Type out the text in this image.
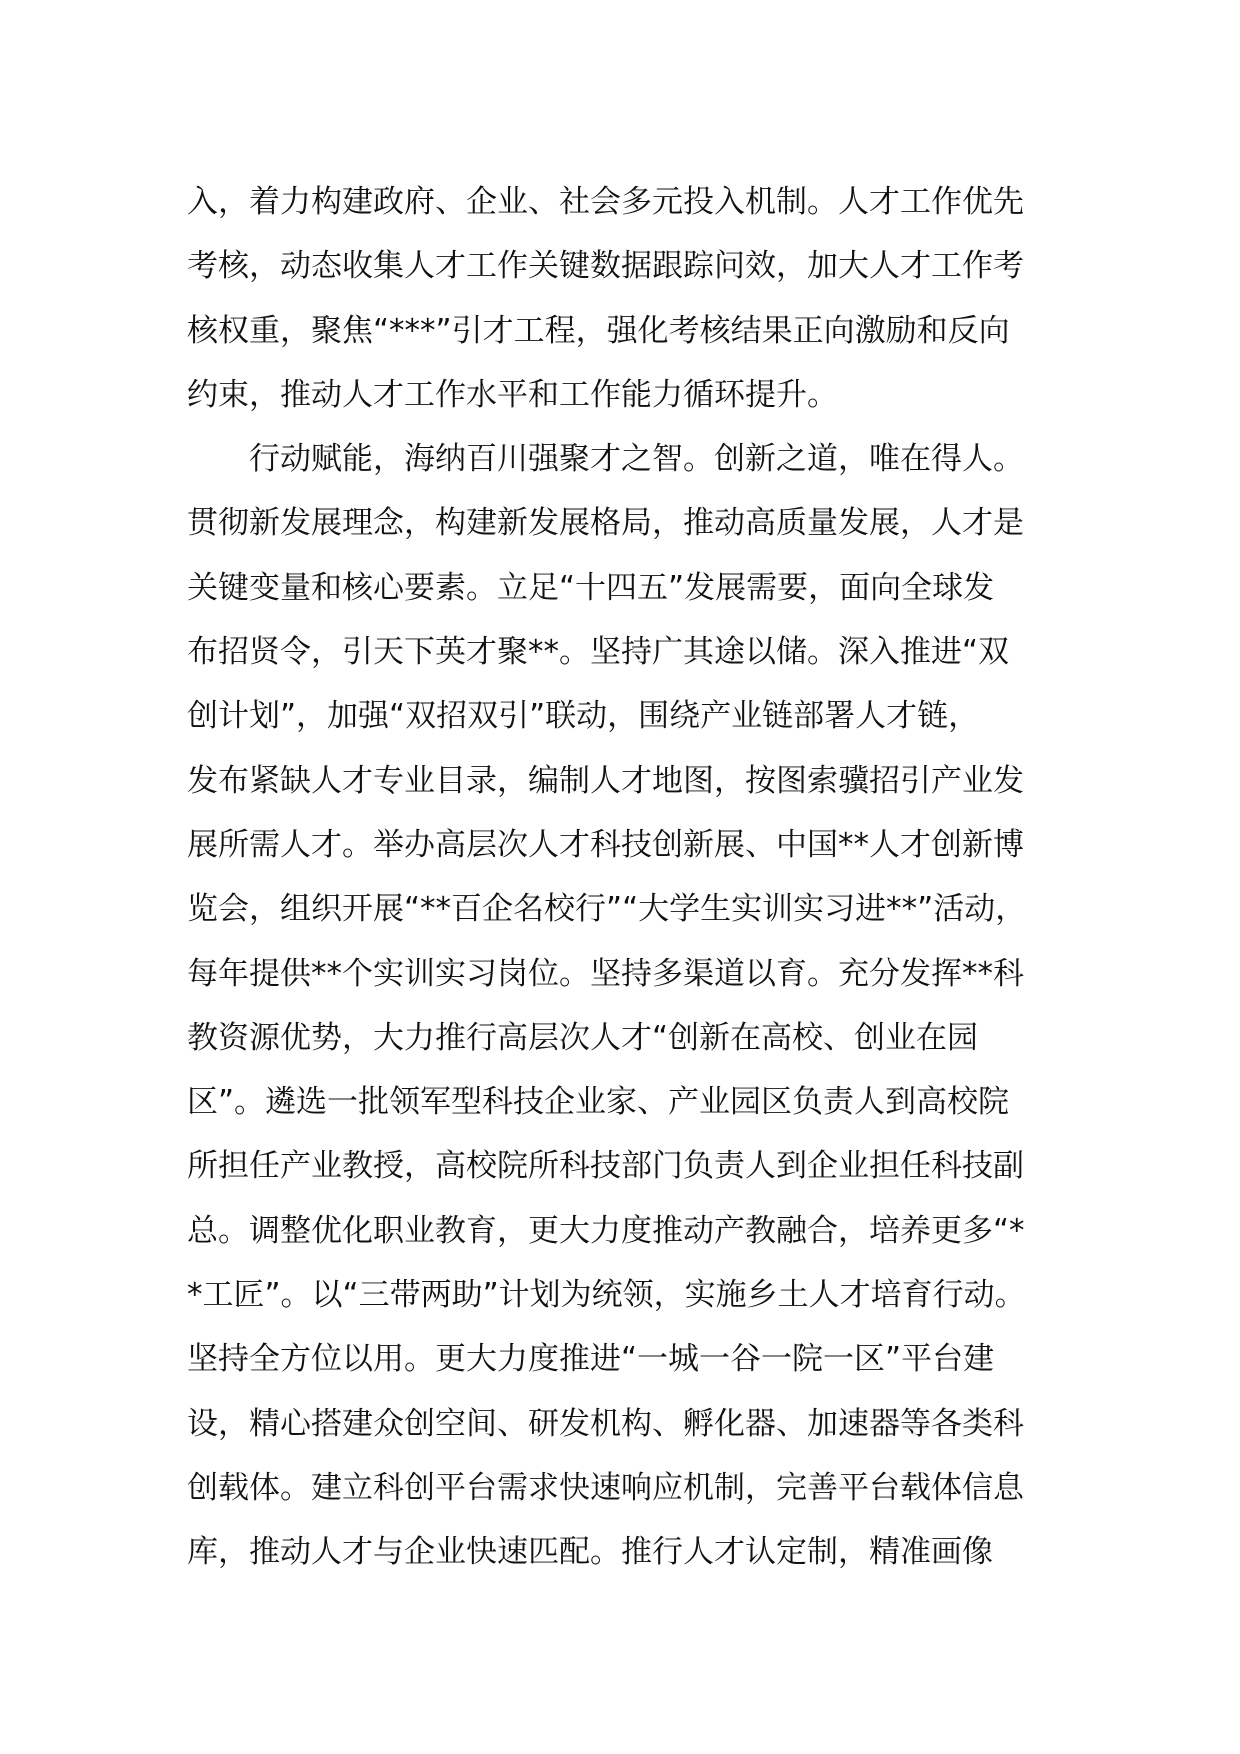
入，着力构建政府、企业、社会多元投入机制。人才工作优先
考核，动态收集人才工作关键数据跟踪问效，加大人才工作考
核权重，聚焦“***”引才工程，强化考核结果正向激励和反向
约束，推动人才工作水平和工作能力循环提升。
行动赋能，海纳百川强聚才之智。创新之道，唯在得人。
贯彻新发展理念，构建新发展格局，推动高质量发展，人才是
关键变量和核心要素。立足“十四五”发展需要，面向全球发
布招贤令，引天下英才聚**。坚持广其途以储。深入推进“双
创计划”，加强“双招双引”联动，围绕产业链部署人才链，
发布紧缺人才专业目录，编制人才地图，按图索骥招引产业发
展所需人才。举办高层次人才科技创新展、中国**人才创新博
览会，组织开展“**百企名校行”“大学生实训实习进**”活动，
每年提供**个实训实习岗位。坚持多渠道以育。充分发挥**科
教资源优势，大力推行高层次人才“创新在高校、创业在园
区”。遴选一批领军型科技企业家、产业园区负责人到高校院
所担任产业教授，高校院所科技部门负责人到企业担任科技副
总。调整优化职业教育，更大力度推动产教融合，培养更多“*
*工匠”。以“三带两助”计划为统领，实施乡土人才培育行动。
坚持全方位以用。更大力度推进“一城一谷一院一区”平台建
设，精心搭建众创空间、研发机构、孵化器、加速器等各类科
创载体。建立科创平台需求快速响应机制，完善平台载体信息
库，推动人才与企业快速匹配。推行人才认定制，精准画像
